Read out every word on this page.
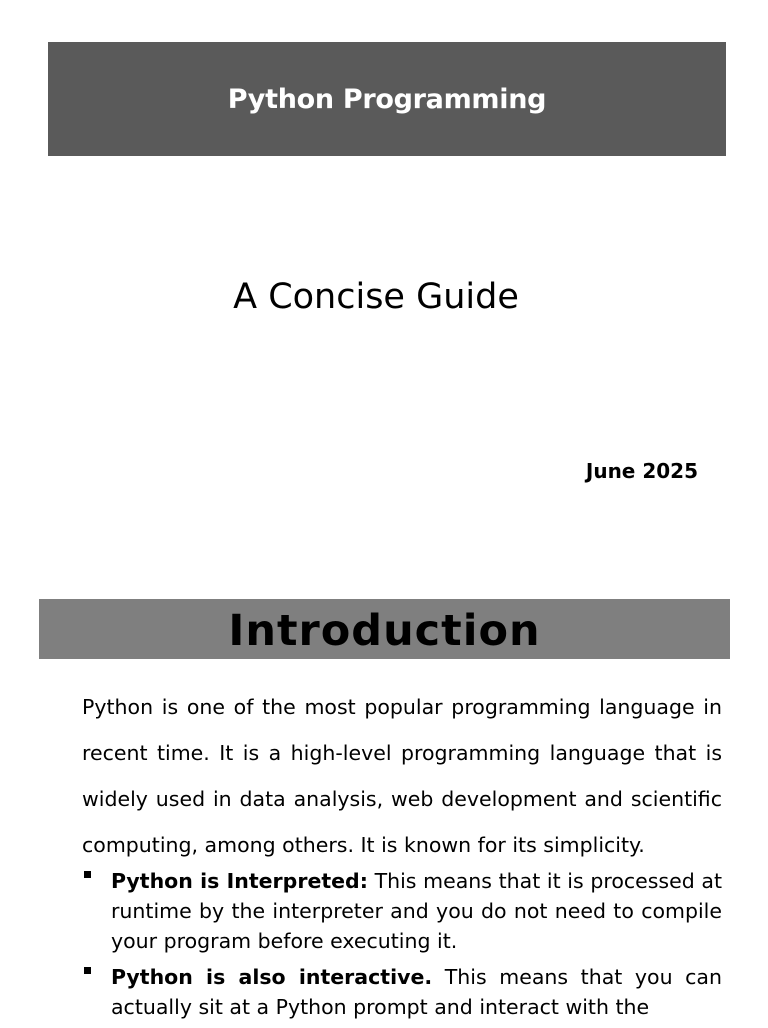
Python Programming
A Concise Guide
June 2025
Introduction

Python is one of the most popular programming language in recent time. It is a high-level programming language that is widely used in data analysis, web development and scientific computing, among others. It is known for its simplicity.

Python is Interpreted: This means that it is processed at runtime by the interpreter and you do not need to compile your program before executing it.
Python is also interactive. This means that you can actually sit at a Python prompt and interact with the
